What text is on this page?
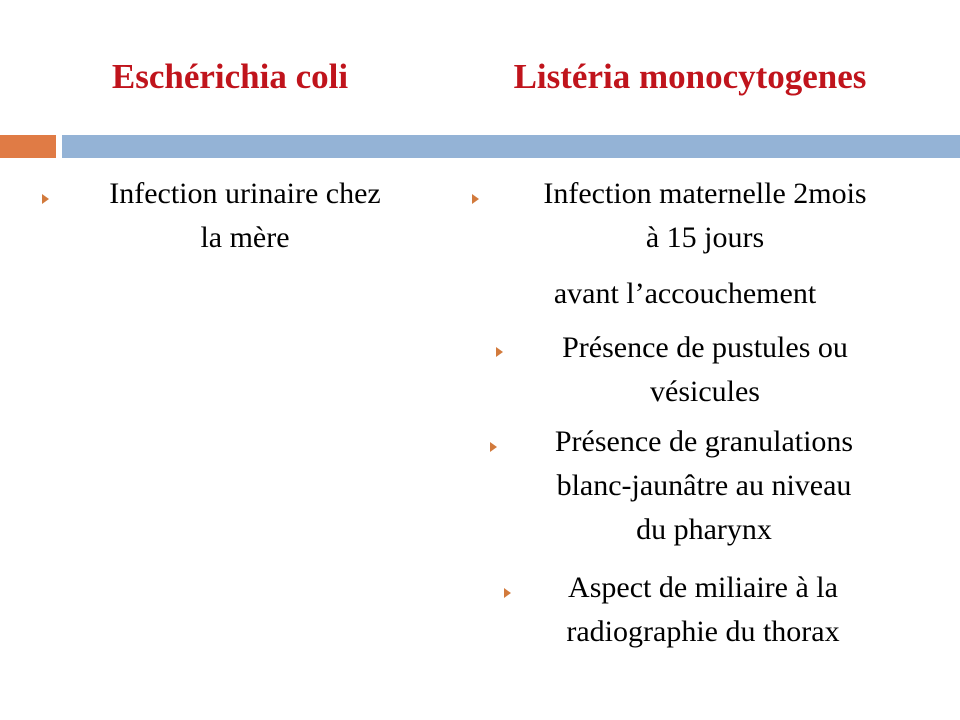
Eschérichia coli	Listéria monocytogenes
Infection urinaire chez
la mère
Infection maternelle 2mois
à 15 jours
avant l’accouchement
Présence de pustules ou
vésicules
Présence de granulations
blanc-jaunâtre au niveau
du pharynx
Aspect de miliaire à la
radiographie du thorax
